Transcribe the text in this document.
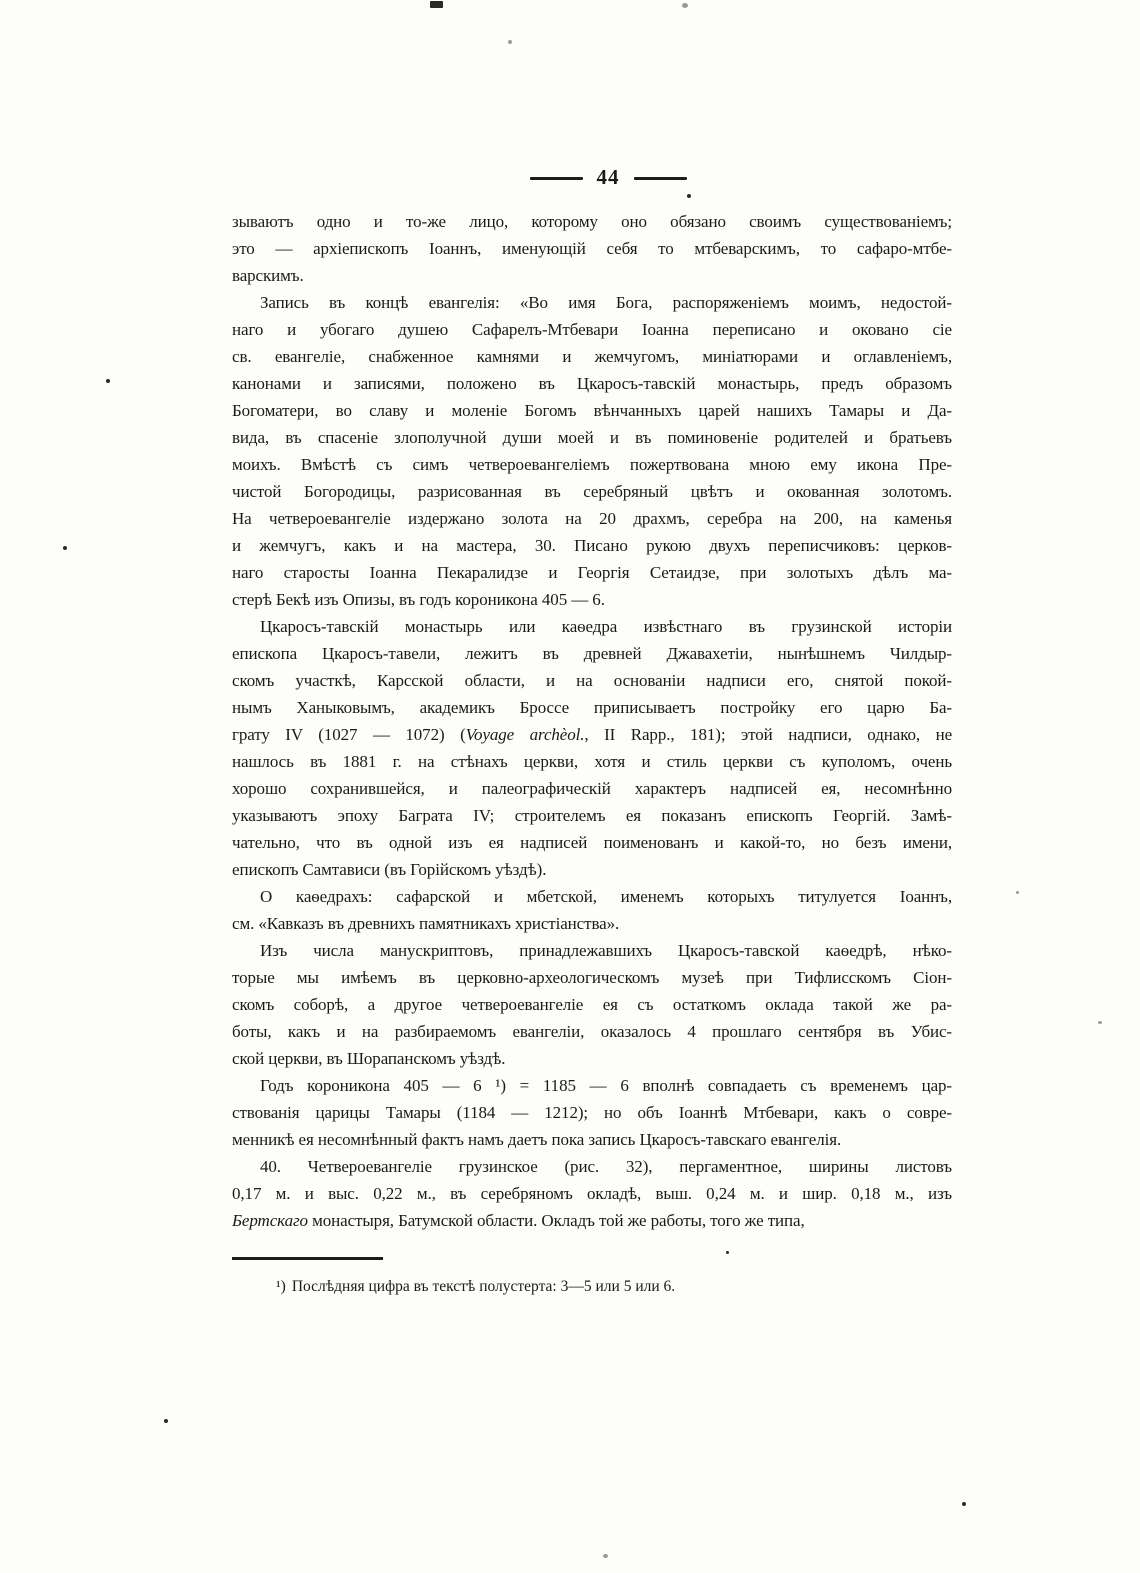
44
зываютъ одно и то-же лицо, которому оно обязано своимъ существованіемъ;
это — архіепископъ Іоаннъ, именующій себя то мтбеварскимъ, то сафаро-мтбе-
варскимъ.
Запись въ концѣ евангелія: «Во имя Бога, распоряженіемъ моимъ, недостой-
наго и убогаго душею Сафарелъ-Мтбевари Іоанна переписано и оковано сіе
св. евангеліе, снабженное камнями и жемчугомъ, миніатюрами и оглавленіемъ,
канонами и записями, положено въ Цкаросъ-тавскій монастырь, предъ образомъ
Богоматери, во славу и моленіе Богомъ вѣнчанныхъ царей нашихъ Тамары и Да-
вида, въ спасеніе злополучной души моей и въ поминовеніе родителей и братьевъ
моихъ. Вмѣстѣ съ симъ четвероевангеліемъ пожертвована мною ему икона Пре-
чистой Богородицы, разрисованная въ серебряный цвѣтъ и окованная золотомъ.
На четвероевангеліе издержано золота на 20 драхмъ, серебра на 200, на каменья
и жемчугъ, какъ и на мастера, 30. Писано рукою двухъ переписчиковъ: церков-
наго старосты Іоанна Пекаралидзе и Георгія Сетаидзе, при золотыхъ дѣлъ ма-
стерѣ Бекѣ изъ Опизы, въ годъ короникона 405 — 6.
Цкаросъ-тавскій монастырь или каѳедра извѣстнаго въ грузинской исторіи
епископа Цкаросъ-тавели, лежитъ въ древней Джавахетіи, нынѣшнемъ Чилдыр-
скомъ участкѣ, Карсской области, и на основаніи надписи его, снятой покой-
нымъ Ханыковымъ, академикъ Броссе приписываетъ постройку его царю Ба-
грату IV (1027 — 1072) (Voyage archèol., II Rapp., 181); этой надписи, однако, не
нашлось въ 1881 г. на стѣнахъ церкви, хотя и стиль церкви съ куполомъ, очень
хорошо сохранившейся, и палеографическій характеръ надписей ея, несомнѣнно
указываютъ эпоху Баграта IV; строителемъ ея показанъ епископъ Георгій. Замѣ-
чательно, что въ одной изъ ея надписей поименованъ и какой-то, но безъ имени,
епископъ Самтависи (въ Горійскомъ уѣздѣ).
О каѳедрахъ: сафарской и мбетской, именемъ которыхъ титулуется Іоаннъ,
см. «Кавказъ въ древнихъ памятникахъ христіанства».
Изъ числа манускриптовъ, принадлежавшихъ Цкаросъ-тавской каѳедрѣ, нѣко-
торые мы имѣемъ въ церковно-археологическомъ музеѣ при Тифлисскомъ Сіон-
скомъ соборѣ, а другое четвероевангеліе ея съ остаткомъ оклада такой же ра-
боты, какъ и на разбираемомъ евангеліи, оказалось 4 прошлаго сентября въ Убис-
ской церкви, въ Шорапанскомъ уѣздѣ.
Годъ короникона 405 — 6 ¹) = 1185 — 6 вполнѣ совпадаеть съ временемъ цар-
ствованія царицы Тамары (1184 — 1212); но объ Іоаннѣ Мтбевари, какъ о совре-
менникѣ ея несомнѣнный фактъ намъ даетъ пока запись Цкаросъ-тавскаго евангелія.
40. Четвероевангеліе грузинское (рис. 32), пергаментное, ширины листовъ
0,17 м. и выс. 0,22 м., въ серебряномъ окладѣ, выш. 0,24 м. и шир. 0,18 м., изъ
Бертскаго монастыря, Батумской области. Окладъ той же работы, того же типа,
¹) Послѣдняя цифра въ текстѣ полустерта: 3—5 или 5 или 6.
